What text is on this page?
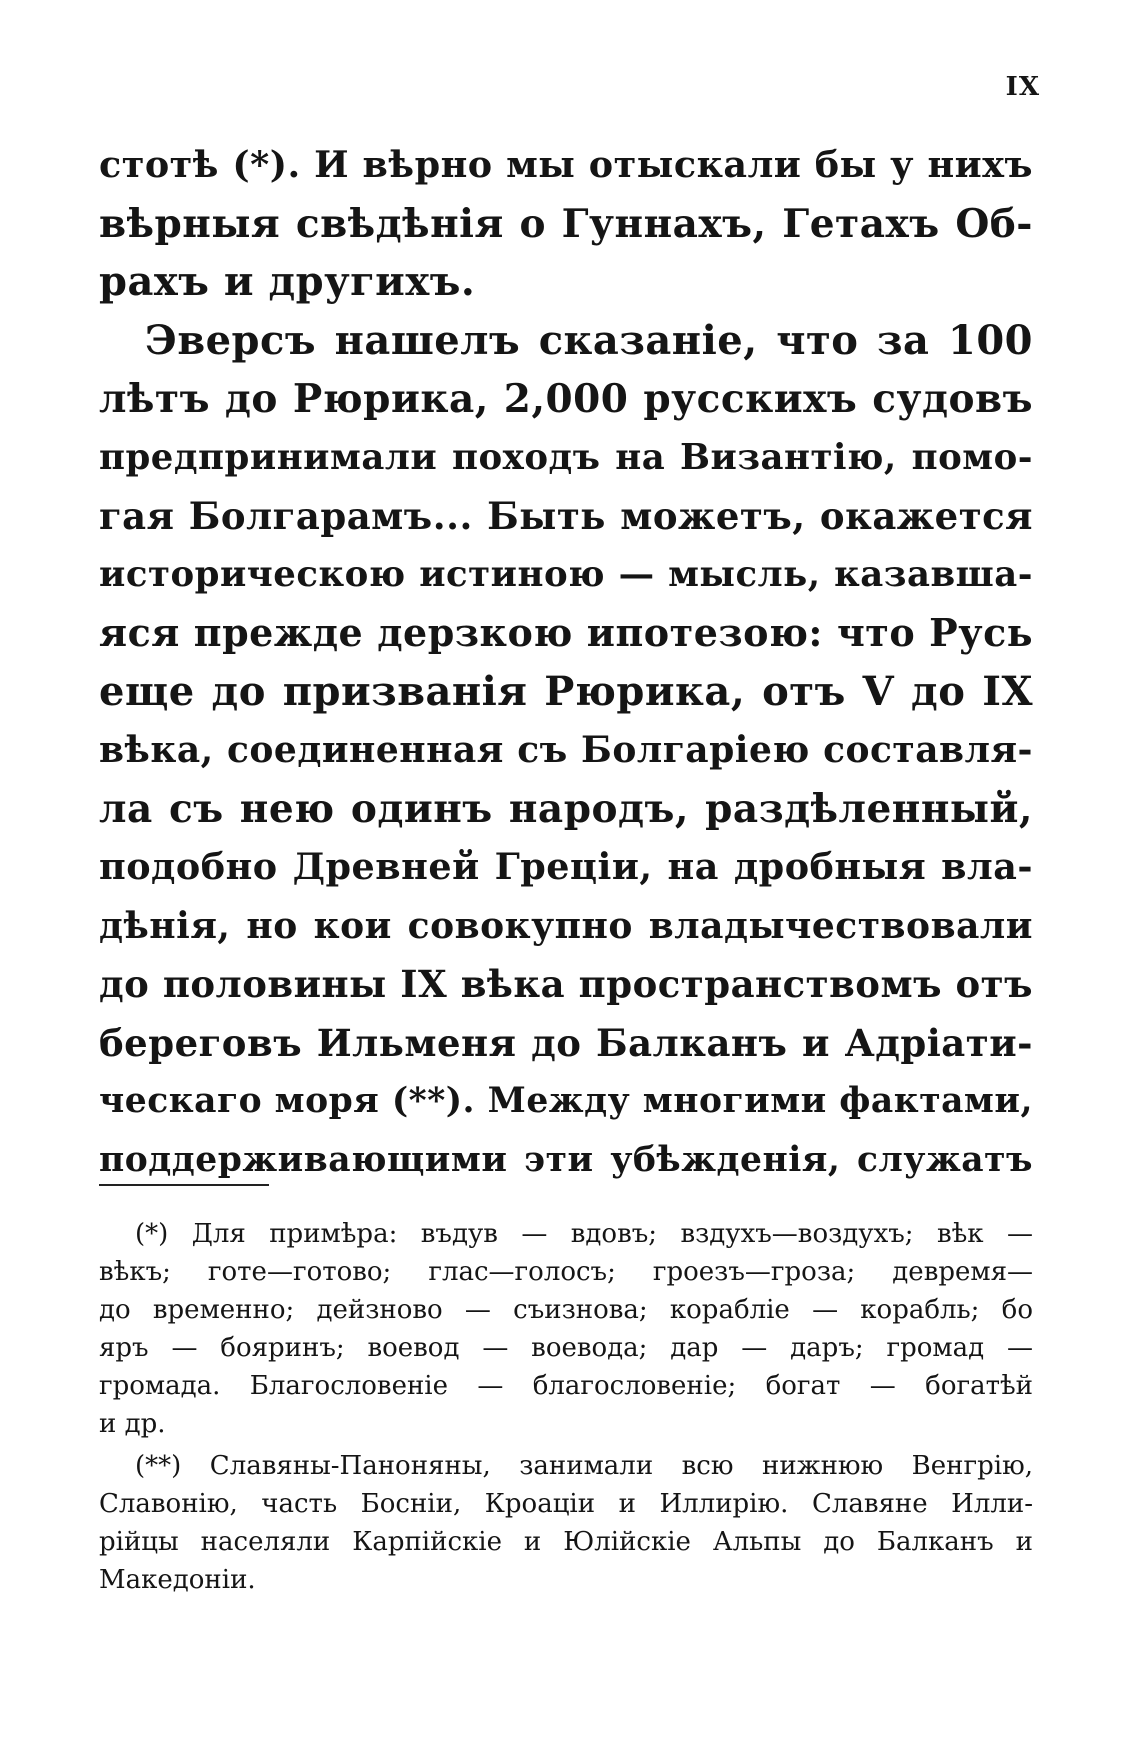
IX
стотѣ (*). И вѣрно мы отыскали бы у нихъ
вѣрныя свѣдѣнія о Гуннахъ, Гетахъ Об-
рахъ и другихъ.
Эверсъ нашелъ сказаніе, что за 100
лѣтъ до Рюрика, 2,000 русскихъ судовъ
предпринимали походъ на Византію, помо-
гая Болгарамъ... Быть можетъ, окажется
историческою истиною — мысль, казавша-
яся прежде дерзкою ипотезою: что Русь
еще до призванія Рюрика, отъ V до IX
вѣка, соединенная съ Болгаріею составля-
ла съ нею одинъ народъ, раздѣленный,
подобно Древней Греціи, на дробныя вла-
дѣнія, но кои совокупно владычествовали
до половины IX вѣка пространствомъ отъ
береговъ Ильменя до Балканъ и Адріати-
ческаго моря (**). Между многими фактами,
поддерживающими эти убѣжденія, служатъ
(*) Для примѣра: въдув — вдовъ; вздухъ—воздухъ; вѣк —
вѣкъ; готе—готово; глас—голосъ; гроезъ—гроза; девремя—
до временно; дейзново — съизнова; корабліе — корабль; бо
яръ — бояринъ; воевод — воевода; дар — даръ; громад —
громада. Благословеніе — благословеніе; богат — богатѣй
и др.
(**) Славяны-Паноняны, занимали всю нижнюю Венгрію,
Славонію, часть Босніи, Кроаціи и Иллирію. Славяне Илли-
рійцы населяли Карпійскіе и Юлійскіе Альпы до Балканъ и
Македоніи.
